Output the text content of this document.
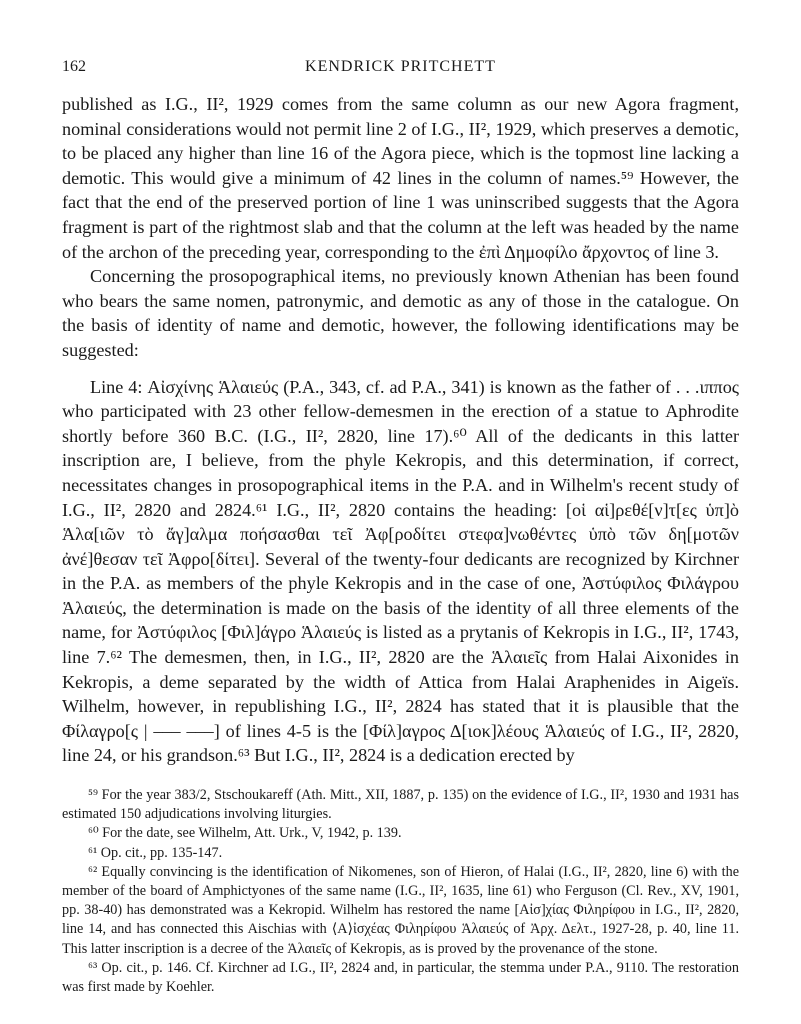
162	KENDRICK PRITCHETT

published as I.G., II², 1929 comes from the same column as our new Agora fragment, nominal considerations would not permit line 2 of I.G., II², 1929, which preserves a demotic, to be placed any higher than line 16 of the Agora piece, which is the topmost line lacking a demotic. This would give a minimum of 42 lines in the column of names.⁵⁹ However, the fact that the end of the preserved portion of line 1 was uninscribed suggests that the Agora fragment is part of the rightmost slab and that the column at the left was headed by the name of the archon of the preceding year, corresponding to the ἐπὶ Δημοφίλο ἄρχοντος of line 3.

Concerning the prosopographical items, no previously known Athenian has been found who bears the same nomen, patronymic, and demotic as any of those in the catalogue. On the basis of identity of name and demotic, however, the following identifications may be suggested:

Line 4: Αἰσχίνης Ἁλαιεύς (P.A., 343, cf. ad P.A., 341) is known as the father of . . .ιππος who participated with 23 other fellow-demesmen in the erection of a statue to Aphrodite shortly before 360 B.C. (I.G., II², 2820, line 17).⁶⁰ All of the dedicants in this latter inscription are, I believe, from the phyle Kekropis, and this determination, if correct, necessitates changes in prosopographical items in the P.A. and in Wilhelm's recent study of I.G., II², 2820 and 2824.⁶¹ I.G., II², 2820 contains the heading: [οἱ αἱ]ρεθέ[ν]τ[ες ὑπ]ὸ Ἁλα[ιῶν τὸ ἄγ]αλμα ποήσασθαι τεῖ Ἀφ[ροδίτει στεφα]νωθέντες ὑπὸ τῶν δη[μοτῶν ἀνέ]θεσαν τεῖ Ἀφρο[δίτει]. Several of the twenty-four dedicants are recognized by Kirchner in the P.A. as members of the phyle Kekropis and in the case of one, Ἀστύφιλος Φιλάγρου Ἁλαιεύς, the determination is made on the basis of the identity of all three elements of the name, for Ἀστύφιλος [Φιλ]άγρο Ἁλαιεύς is listed as a prytanis of Kekropis in I.G., II², 1743, line 7.⁶² The demesmen, then, in I.G., II², 2820 are the Ἁλαιεῖς from Halai Aixonides in Kekropis, a deme separated by the width of Attica from Halai Araphenides in Aigeïs. Wilhelm, however, in republishing I.G., II², 2824 has stated that it is plausible that the Φίλαγρο[ς | ––– –––] of lines 4-5 is the [Φίλ]αγρος Δ[ιοκ]λέους Ἁλαιεύς of I.G., II², 2820, line 24, or his grandson.⁶³ But I.G., II², 2824 is a dedication erected by

⁵⁹ For the year 383/2, Stschoukareff (Ath. Mitt., XII, 1887, p. 135) on the evidence of I.G., II², 1930 and 1931 has estimated 150 adjudications involving liturgies.

⁶⁰ For the date, see Wilhelm, Att. Urk., V, 1942, p. 139.

⁶¹ Op. cit., pp. 135-147.

⁶² Equally convincing is the identification of Nikomenes, son of Hieron, of Halai (I.G., II², 2820, line 6) with the member of the board of Amphictyones of the same name (I.G., II², 1635, line 61) who Ferguson (Cl. Rev., XV, 1901, pp. 38-40) has demonstrated was a Kekropid. Wilhelm has restored the name [Αἰσ]χίας Φιληρίφου in I.G., II², 2820, line 14, and has connected this Aischias with ⟨Α⟩ἰσχέας Φιληρίφου Ἁλαιεύς of Ἀρχ. Δελτ., 1927-28, p. 40, line 11. This latter inscription is a decree of the Ἁλαιεῖς of Kekropis, as is proved by the provenance of the stone.

⁶³ Op. cit., p. 146. Cf. Kirchner ad I.G., II², 2824 and, in particular, the stemma under P.A., 9110. The restoration was first made by Koehler.
